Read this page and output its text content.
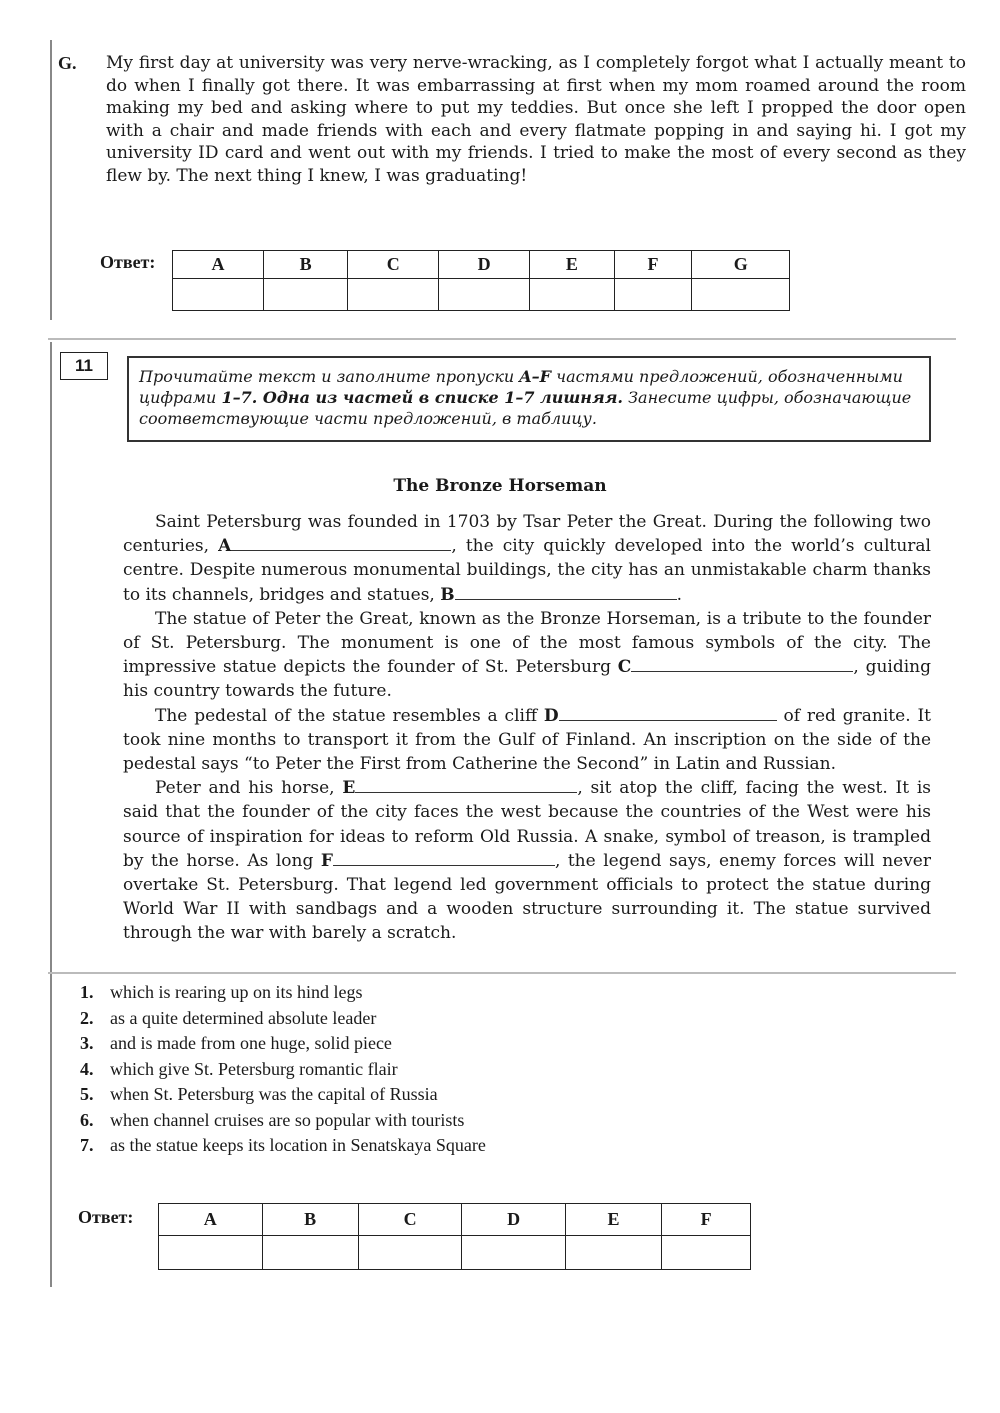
G. My first day at university was very nerve-wracking, as I completely forgot what I actually meant to do when I finally got there. It was embarrassing at first when my mom roamed around the room making my bed and asking where to put my teddies. But once she left I propped the door open with a chair and made friends with each and every flatmate popping in and saying hi. I got my university ID card and went out with my friends. I tried to make the most of every second as they flew by. The next thing I knew, I was graduating!
Ответ:	A	B	C	D	E	F	G

11
Прочитайте текст и заполните пропуски A–F частями предложений, обозначенными цифрами 1–7. Одна из частей в списке 1–7 лишняя. Занесите цифры, обозначающие соответствующие части предложений, в таблицу.
The Bronze Horseman

Saint Petersburg was founded in 1703 by Tsar Peter the Great. During the following two centuries, A	, the city quickly developed into the world’s cultural centre. Despite numerous monumental buildings, the city has an unmistakable charm thanks to its channels, bridges and statues, B	.

The statue of Peter the Great, known as the Bronze Horseman, is a tribute to the founder of St. Petersburg. The monument is one of the most famous symbols of the city. The impressive statue depicts the founder of St. Petersburg C	, guiding his country towards the future.

The pedestal of the statue resembles a cliff D	of red granite. It took nine months to transport it from the Gulf of Finland. An inscription on the side of the pedestal says “to Peter the First from Catherine the Second” in Latin and Russian.

Peter and his horse, E	, sit atop the cliff, facing the west. It is said that the founder of the city faces the west because the countries of the West were his source of inspiration for ideas to reform Old Russia. A snake, symbol of treason, is trampled by the horse. As long F	, the legend says, enemy forces will never overtake St. Petersburg. That legend led government officials to protect the statue during World War II with sandbags and a wooden structure surrounding it. The statue survived through the war with barely a scratch.

1. which is rearing up on its hind legs
2. as a quite determined absolute leader
3. and is made from one huge, solid piece
4. which give St. Petersburg romantic flair
5. when St. Petersburg was the capital of Russia
6. when channel cruises are so popular with tourists
7. as the statue keeps its location in Senatskaya Square
Ответ:	A	B	C	D	E	F
